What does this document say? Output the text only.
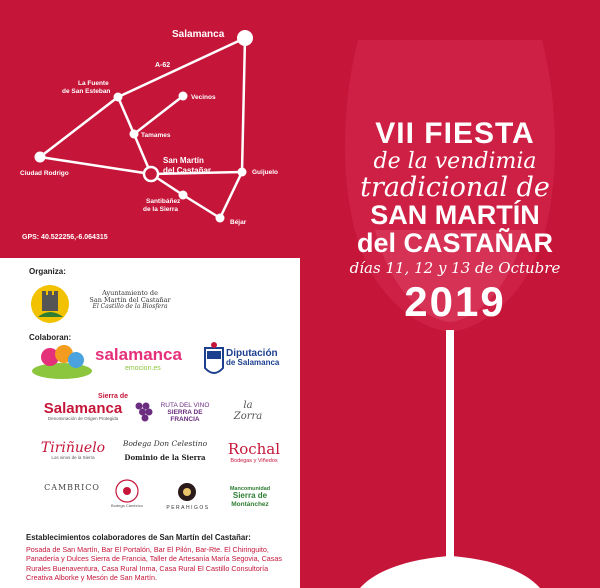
Salamanca
A-62
La Fuente
de San Esteban
Vecinos
Tamames
Ciudad Rodrigo
San Martín
del Castañar	Guijuelo
Santibáñez
de la Sierra
Béjar
GPS: 40.522256,-6.064315
VII FIESTA
de la vendimia
tradicional de
SAN MARTÍN
del CASTAÑAR
días 11, 12 y 13 de Octubre
2019
Organiza:
Ayuntamiento de
San Martín del Castañar
El Castillo de la Biosfera
Colaboran:
salamanca
emocion.es
Diputación
de Salamanca
Sierra de
Salamanca
Denominación de Origen Protegida
RUTA DEL VINO
SIERRA DE FRANCIA
la Zorra
Tiriñuelo
Los vinos de la Sierra
Bodega Don Celestino
Dominio de la Sierra Rochal
Bodegas y Viñedos
CAMBRICO
Bodega Cámbrico	PERAHIGOS
Mancomunidad
Sierra de
Montánchez
Establecimientos colaboradores de San Martín del Castañar:
Posada de San Martín, Bar El Portalón, Bar El Pilón, Bar-Rte. El Chiringuito, Panadería y Dulces Sierra de Francia, Taller de Artesanía María Segovia, Casas Rurales Buenaventura, Casa Rural Inma, Casa Rural El Castillo Consultoría Creativa Alborke y Mesón de San Martín.
